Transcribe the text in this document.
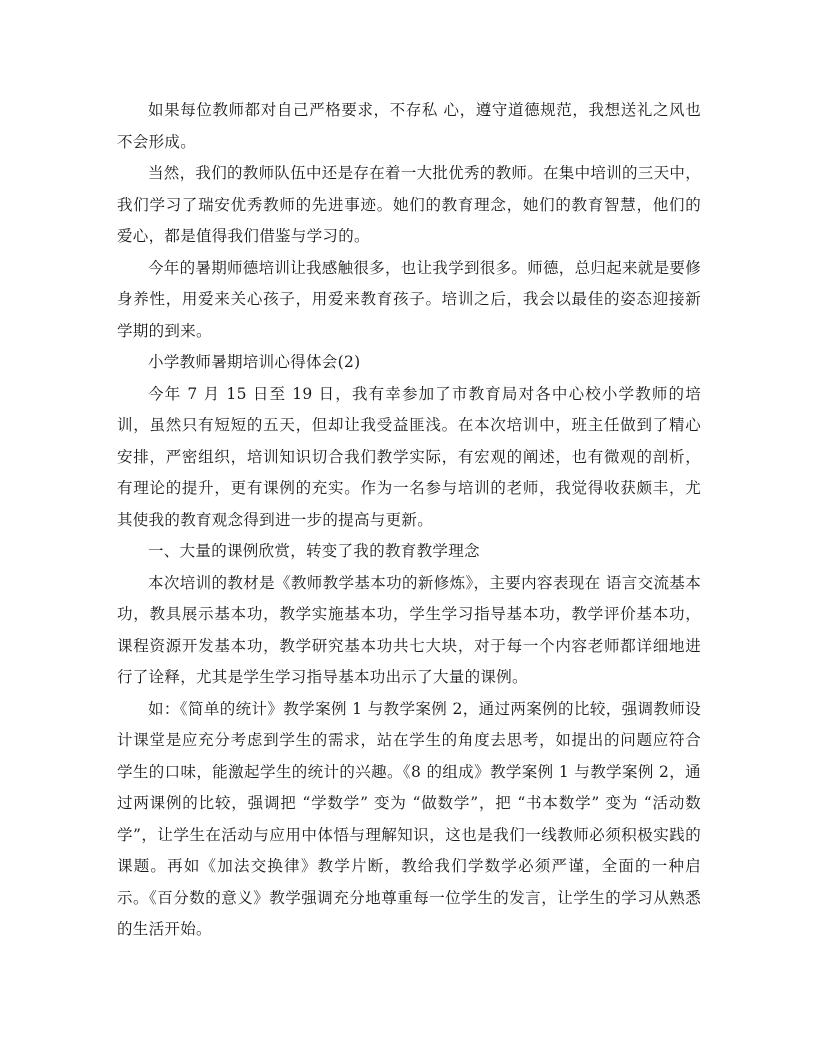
如果每位教师都对自己严格要求，不存私 心，遵守道德规范，我想送礼之风也不会形成。

当然，我们的教师队伍中还是存在着一大批优秀的教师。在集中培训的三天中，我们学习了瑞安优秀教师的先进事迹。她们的教育理念，她们的教育智慧，他们的爱心，都是值得我们借鉴与学习的。

今年的暑期师德培训让我感触很多，也让我学到很多。师德，总归起来就是要修身养性，用爱来关心孩子，用爱来教育孩子。培训之后，我会以最佳的姿态迎接新学期的到来。

小学教师暑期培训心得体会(2)

今年 7 月 15 日至 19 日，我有幸参加了市教育局对各中心校小学教师的培训，虽然只有短短的五天，但却让我受益匪浅。在本次培训中，班主任做到了精心安排，严密组织，培训知识切合我们教学实际，有宏观的阐述，也有微观的剖析，有理论的提升，更有课例的充实。作为一名参与培训的老师，我觉得收获颇丰，尤其使我的教育观念得到进一步的提高与更新。

一、大量的课例欣赏，转变了我的教育教学理念

本次培训的教材是《教师教学基本功的新修炼》，主要内容表现在 语言交流基本功，教具展示基本功，教学实施基本功，学生学习指导基本功，教学评价基本功，课程资源开发基本功，教学研究基本功共七大块，对于每一个内容老师都详细地进行了诠释，尤其是学生学习指导基本功出示了大量的课例。

如：《简单的统计》教学案例 1 与教学案例 2，通过两案例的比较，强调教师设计课堂是应充分考虑到学生的需求，站在学生的角度去思考，如提出的问题应符合学生的口味，能激起学生的统计的兴趣。《8 的组成》教学案例 1 与教学案例 2，通过两课例的比较，强调把 “学数学” 变为 “做数学”，把 “书本数学” 变为 “活动数学”，让学生在活动与应用中体悟与理解知识，这也是我们一线教师必须积极实践的课题。再如《加法交换律》教学片断，教给我们学数学必须严谨，全面的一种启示。《百分数的意义》教学强调充分地尊重每一位学生的发言，让学生的学习从熟悉的生活开始。
